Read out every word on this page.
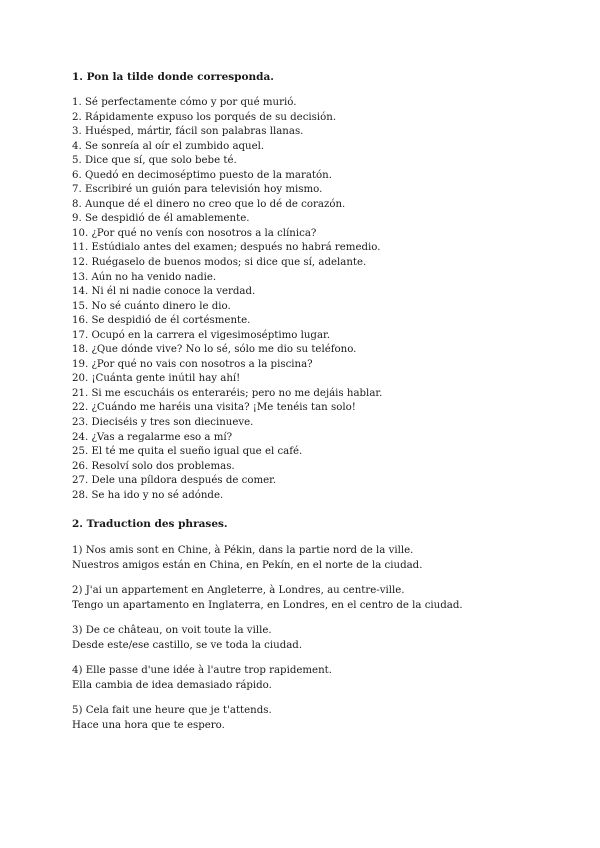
1. Pon la tilde donde corresponda.
1. Sé perfectamente cómo y por qué murió.
2. Rápidamente expuso los porqués de su decisión.
3. Huésped, mártir, fácil son palabras llanas.
4. Se sonreía al oír el zumbido aquel.
5. Dice que sí, que solo bebe té.
6. Quedó en decimoséptimo puesto de la maratón.
7. Escribiré un guión para televisión hoy mismo.
8. Aunque dé el dinero no creo que lo dé de corazón.
9. Se despidió de él amablemente.
10. ¿Por qué no venís con nosotros a la clínica?
11. Estúdialo antes del examen; después no habrá remedio.
12. Ruégaselo de buenos modos; si dice que sí, adelante.
13. Aún no ha venido nadie.
14. Ni él ni nadie conoce la verdad.
15. No sé cuánto dinero le dio.
16. Se despidió de él cortésmente.
17. Ocupó en la carrera el vigesimoséptimo lugar.
18. ¿Que dónde vive? No lo sé, sólo me dio su teléfono.
19. ¿Por qué no vais con nosotros a la piscina?
20. ¡Cuánta gente inútil hay ahí!
21. Si me escucháis os enteraréis; pero no me dejáis hablar.
22. ¿Cuándo me haréis una visita? ¡Me tenéis tan solo!
23. Dieciséis y tres son diecinueve.
24. ¿Vas a regalarme eso a mí?
25. El té me quita el sueño igual que el café.
26. Resolví solo dos problemas.
27. Dele una píldora después de comer.
28. Se ha ido y no sé adónde.
2. Traduction des phrases.
1) Nos amis sont en Chine, à Pékin, dans la partie nord de la ville.
Nuestros amigos están en China, en Pekín, en el norte de la ciudad.
2) J'ai un appartement en Angleterre, à Londres, au centre-ville.
Tengo un apartamento en Inglaterra, en Londres, en el centro de la ciudad.
3) De ce château, on voit toute la ville.
Desde este/ese castillo, se ve toda la ciudad.
4) Elle passe d'une idée à l'autre trop rapidement.
Ella cambia de idea demasiado rápido.
5) Cela fait une heure que je t'attends.
Hace una hora que te espero.
